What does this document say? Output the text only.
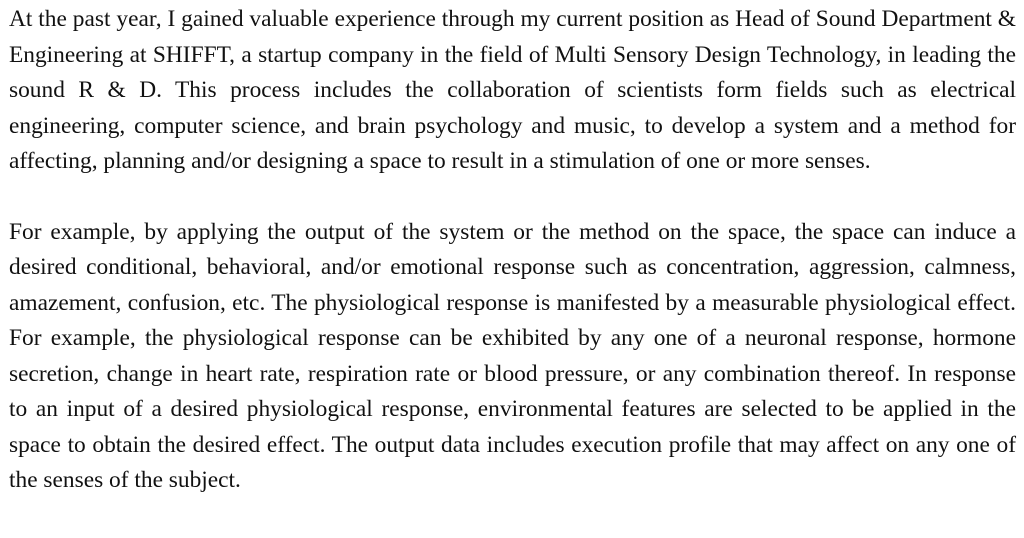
At the past year, I gained valuable experience through my current position as Head of Sound Department & Engineering at SHIFFT, a startup company in the field of Multi Sensory Design Technology, in leading the sound R & D. This process includes the collaboration of scientists form fields such as electrical engineering, computer science, and brain psychology and music, to develop a system and a method for affecting, planning and/or designing a space to result in a stimulation of one or more senses.

For example, by applying the output of the system or the method on the space, the space can induce a desired conditional, behavioral, and/or emotional response such as concentration, aggression, calmness, amazement, confusion, etc. The physiological response is manifested by a measurable physiological effect. For example, the physiological response can be exhibited by any one of a neuronal response, hormone secretion, change in heart rate, respiration rate or blood pressure, or any combination thereof. In response to an input of a desired physiological response, environmental features are selected to be applied in the space to obtain the desired effect. The output data includes execution profile that may affect on any one of the senses of the subject.
